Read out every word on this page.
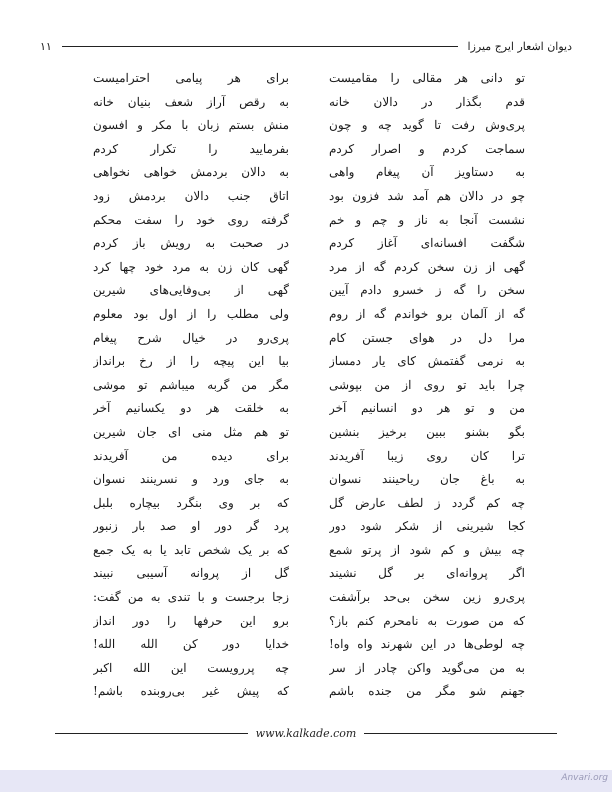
دیوان اشعار ایرج میرزا
۱۱
تو دانی هر مقالی را مقامیست
قدم بگذار در دالان خانه
پری‌وش رفت تا گوید چه و چون
سماجت کردم و اصرار کردم
به دستاویز آن پیغام واهی
چو در دالان هم آمد شد فزون بود
نشست آنجا به ناز و چم و خم
شگفت افسانه‌ای آغاز کردم
گهی از زن سخن کردم گه از مرد
سخن را گه ز خسرو دادم آیین
گه از آلمان برو خواندم گه از روم
مرا دل در هوای جستن کام
به نرمی گفتمش کای یار دمساز
چرا باید تو روی از من بپوشی
من و تو هر دو انسانیم آخر
بگو بشنو ببین برخیز بنشین
ترا کان روی زیبا آفریدند
به باغ جان ریاحینند نسوان
چه کم گردد ز لطف عارض گل
کجا شیرینی از شکر شود دور
چه بیش و کم شود از پرتو شمع
اگر پروانه‌ای بر گل نشیند
پری‌رو زین سخن بی‌حد برآشفت
که من صورت به نامحرم کنم باز؟
چه لوطی‌ها در این شهرند واه واه!
به من می‌گوید واکن چادر از سر
جهنم شو مگر من جنده باشم
برای هر پیامی احترامیست
به رقص آراز شعف بنیان خانه
منش بستم زبان با مکر و افسون
بفرمایید را تکرار کردم
به دالان بردمش خواهی نخواهی
اتاق جنب دالان بردمش زود
گرفته روی خود را سفت محکم
در صحبت به رویش باز کردم
گهی کان زن به مرد خود چها کرد
گهی از بی‌وفایی‌های شیرین
ولی مطلب را از اول بود معلوم
پری‌رو در خیال شرح پیغام
بیا این پیچه را از رخ برانداز
مگر من گربه میباشم تو موشی
به خلقت هر دو یکسانیم آخر
تو هم مثل منی ای جان شیرین
برای دیده من آفریدند
به جای ورد و نسرینند نسوان
که بر وی بنگرد بیچاره بلبل
پرد گر دور او صد بار زنبور
که بر یک شخص تابد یا به یک جمع
گل از پروانه آسیبی نبیند
زجا برجست و با تندی به من گفت:
برو این حرفها را دور انداز
خدایا دور کن الله الله!
چه پررویست این الله اکبر
که پیش غیر بی‌روبنده باشم!
www.kalkade.com
Anvari.org
